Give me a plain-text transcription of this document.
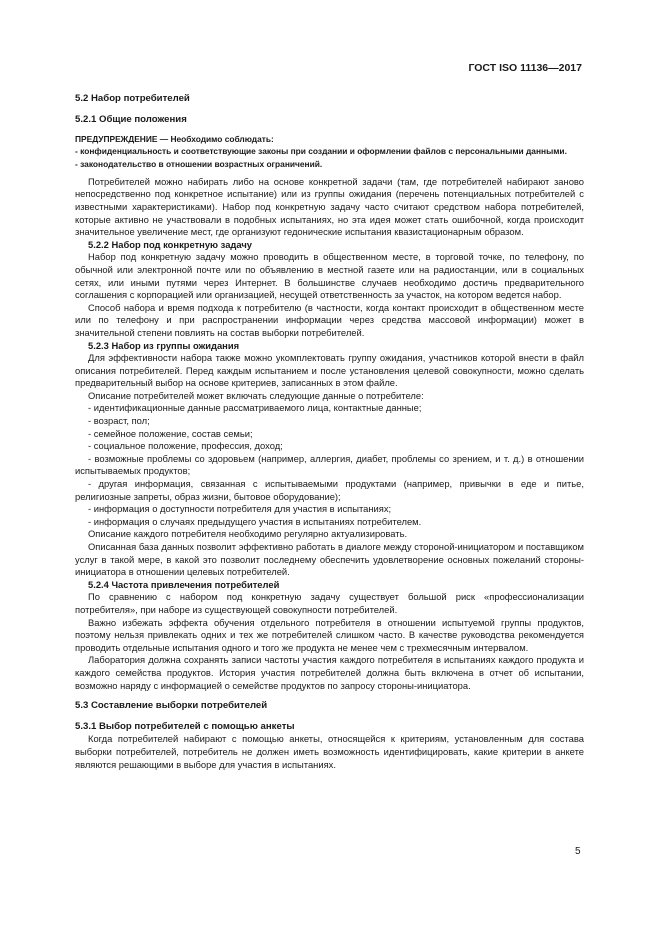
ГОСТ ISO 11136—2017

5.2 Набор потребителей

5.2.1 Общие положения

ПРЕДУПРЕЖДЕНИЕ — Необходимо соблюдать:

- конфиденциальность и соответствующие законы при создании и оформлении файлов с персональными данными.

- законодательство в отношении возрастных ограничений.

Потребителей можно набирать либо на основе конкретной задачи (там, где потребителей набирают заново непосредственно под конкретное испытание) или из группы ожидания (перечень потенциальных потребителей с известными характеристиками). Набор под конкретную задачу часто считают средством набора потребителей, которые активно не участвовали в подобных испытаниях, но эта идея может стать ошибочной, когда происходит значительное увеличение мест, где организуют гедонические испытания квазистационарным образом.

5.2.2 Набор под конкретную задачу

Набор под конкретную задачу можно проводить в общественном месте, в торговой точке, по телефону, по обычной или электронной почте или по объявлению в местной газете или на радиостанции, или в социальных сетях, или иными путями через Интернет. В большинстве случаев необходимо достичь предварительного соглашения с корпорацией или организацией, несущей ответственность за участок, на котором ведется набор.

Способ набора и время подхода к потребителю (в частности, когда контакт происходит в общественном месте или по телефону и при распространении информации через средства массовой информации) может в значительной степени повлиять на состав выборки потребителей.

5.2.3 Набор из группы ожидания

Для эффективности набора также можно укомплектовать группу ожидания, участников которой внести в файл описания потребителей. Перед каждым испытанием и после установления целевой совокупности, можно сделать предварительный выбор на основе критериев, записанных в этом файле.

Описание потребителей может включать следующие данные о потребителе:

- идентификационные данные рассматриваемого лица, контактные данные;

- возраст, пол;

- семейное положение, состав семьи;

- социальное положение, профессия, доход;

- возможные проблемы со здоровьем (например, аллергия, диабет, проблемы со зрением, и т. д.) в отношении испытываемых продуктов;

- другая информация, связанная с испытываемыми продуктами (например, привычки в еде и питье, религиозные запреты, образ жизни, бытовое оборудование);

- информация о доступности потребителя для участия в испытаниях;

- информация о случаях предыдущего участия в испытаниях потребителем.

Описание каждого потребителя необходимо регулярно актуализировать.

Описанная база данных позволит эффективно работать в диалоге между стороной-инициатором и поставщиком услуг в такой мере, в какой это позволит последнему обеспечить удовлетворение основных пожеланий стороны-инициатора в отношении целевых потребителей.

5.2.4 Частота привлечения потребителей

По сравнению с набором под конкретную задачу существует большой риск «профессионализации потребителя», при наборе из существующей совокупности потребителей.

Важно избежать эффекта обучения отдельного потребителя в отношении испытуемой группы продуктов, поэтому нельзя привлекать одних и тех же потребителей слишком часто. В качестве руководства рекомендуется проводить отдельные испытания одного и того же продукта не менее чем с трехмесячным интервалом.

Лаборатория должна сохранять записи частоты участия каждого потребителя в испытаниях каждого продукта и каждого семейства продуктов. История участия потребителей должна быть включена в отчет об испытании, возможно наряду с информацией о семействе продуктов по запросу стороны-инициатора.

5.3 Составление выборки потребителей

5.3.1 Выбор потребителей с помощью анкеты

Когда потребителей набирают с помощью анкеты, относящейся к критериям, установленным для состава выборки потребителей, потребитель не должен иметь возможность идентифицировать, какие критерии в анкете являются решающими в выборе для участия в испытаниях.

5
